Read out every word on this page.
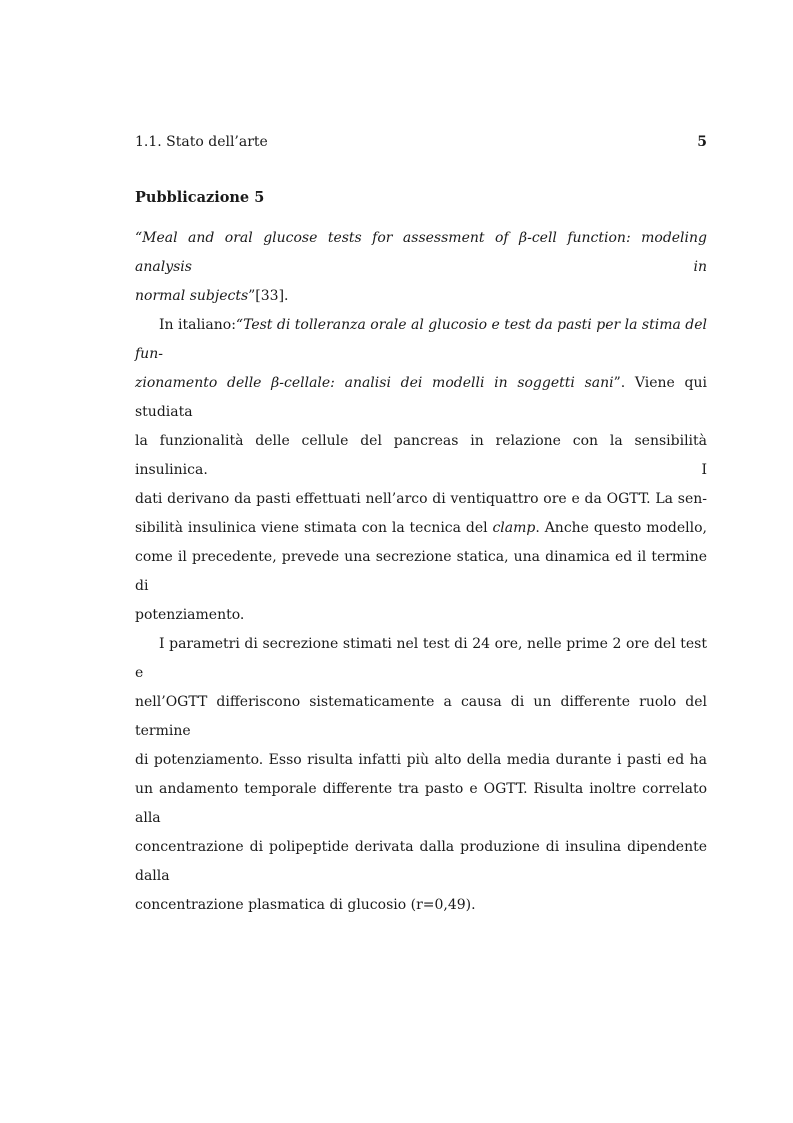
1.1. Stato dell’arte	5
Pubblicazione 5

“Meal and oral glucose tests for assessment of β-cell function: modeling analysis in
normal subjects”[33].

In italiano:“Test di tolleranza orale al glucosio e test da pasti per la stima del fun-
zionamento delle β-cellale: analisi dei modelli in soggetti sani”. Viene qui studiata
la funzionalità delle cellule del pancreas in relazione con la sensibilità insulinica. I
dati derivano da pasti effettuati nell’arco di ventiquattro ore e da OGTT. La sen-
sibilità insulinica viene stimata con la tecnica del clamp. Anche questo modello,
come il precedente, prevede una secrezione statica, una dinamica ed il termine di
potenziamento.

I parametri di secrezione stimati nel test di 24 ore, nelle prime 2 ore del test e
nell’OGTT differiscono sistematicamente a causa di un differente ruolo del termine
di potenziamento. Esso risulta infatti più alto della media durante i pasti ed ha
un andamento temporale differente tra pasto e OGTT. Risulta inoltre correlato alla
concentrazione di polipeptide derivata dalla produzione di insulina dipendente dalla
concentrazione plasmatica di glucosio (r=0,49).
